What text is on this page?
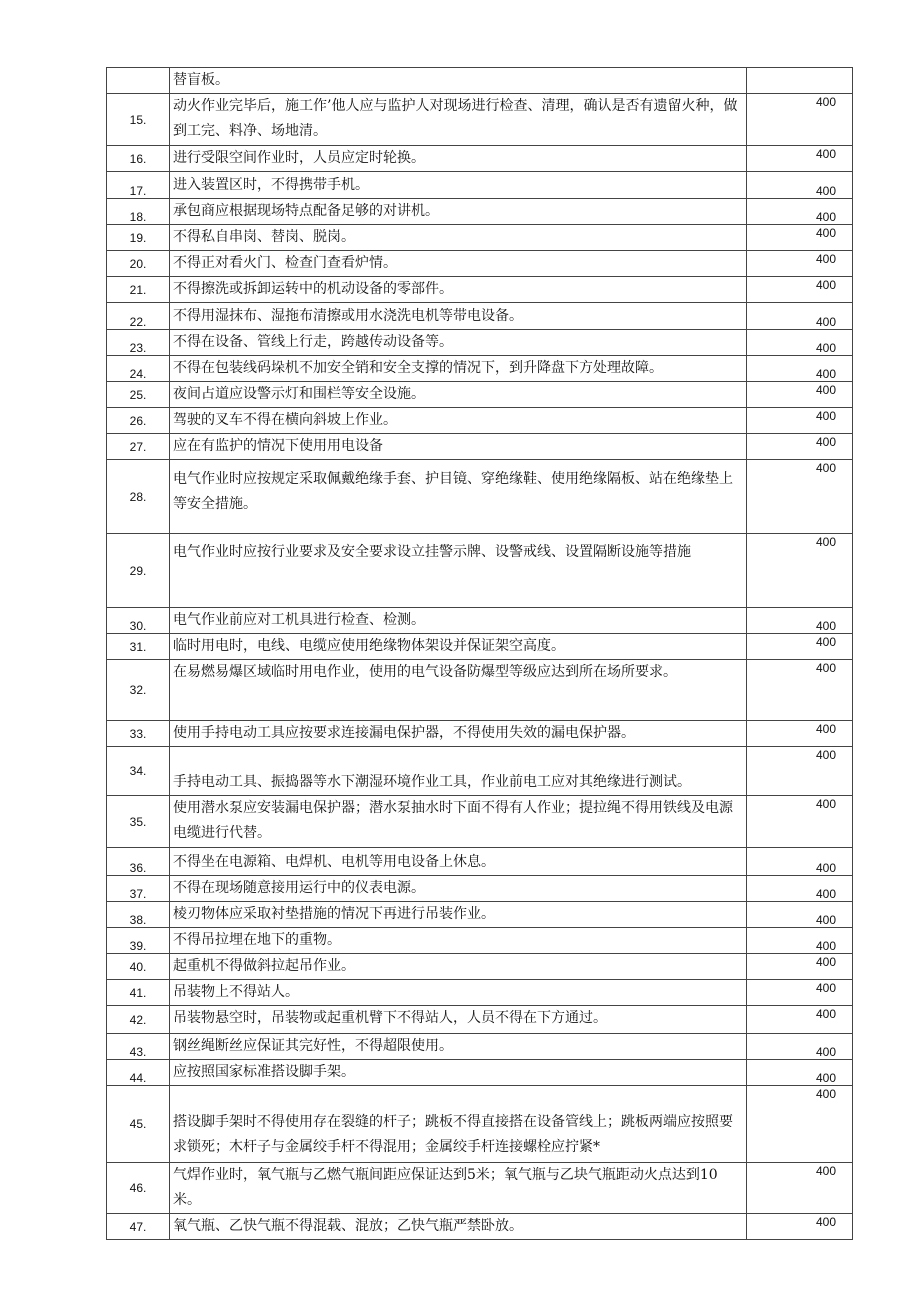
	替盲板。	
15.	动火作业完毕后，施工作’他人应与监护人对现场进行检查、清理，确认是否有遗留火种，做到工完、料净、场地清。	400
16.	进行受限空间作业时，人员应定时轮换。	400
17.	进入装置区时，不得携带手机。	400
18.	承包商应根据现场特点配备足够的对讲机。	400
19.	不得私自串岗、替岗、脱岗。	400
20.	不得正对看火门、检查门查看炉情。	400
21.	不得擦洗或拆卸运转中的机动设备的零部件。	400
22.	不得用湿抹布、湿拖布清擦或用水浇洗电机等带电设备。	400
23.	不得在设备、管线上行走，跨越传动设备等。	400
24.	不得在包装线码垛机不加安全销和安全支撑的情况下，到升降盘下方处理故障。	400
25.	夜间占道应设警示灯和围栏等安全设施。	400
26.	驾驶的叉车不得在横向斜坡上作业。	400
27.	应在有监护的情况下使用用电设备	400
28.	电气作业时应按规定采取佩戴绝缘手套、护目镜、穿绝缘鞋、使用绝缘隔板、站在绝缘垫上等安全措施。	400
29.	电气作业时应按行业要求及安全要求设立挂警示牌、设警戒线、设置隔断设施等措施	400
30.	电气作业前应对工机具进行检查、检测。	400
31.	临时用电时，电线、电缆应使用绝缘物体架设并保证架空高度。	400
32.	在易燃易爆区域临时用电作业，使用的电气设备防爆型等级应达到所在场所要求。	400
33.	使用手持电动工具应按要求连接漏电保护器，不得使用失效的漏电保护器。	400
34.	手持电动工具、振捣器等水下潮湿环境作业工具，作业前电工应对其绝缘进行测试。	400
35.	使用潜水泵应安装漏电保护器；潜水泵抽水时下面不得有人作业；提拉绳不得用铁线及电源电缆进行代替。	400
36.	不得坐在电源箱、电焊机、电机等用电设备上休息。	400
37.	不得在现场随意接用运行中的仪表电源。	400
38.	棱刃物体应采取衬垫措施的情况下再进行吊装作业。	400
39.	不得吊拉埋在地下的重物。	400
40.	起重机不得做斜拉起吊作业。	400
41.	吊装物上不得站人。	400
42.	吊装物悬空时，吊装物或起重机臂下不得站人，人员不得在下方通过。	400
43.	钢丝绳断丝应保证其完好性，不得超限使用。	400
44.	应按照国家标准搭设脚手架。	400
45.	搭设脚手架时不得使用存在裂缝的杆子；跳板不得直接搭在设备管线上；跳板两端应按照要求锁死；木杆子与金属绞手杆不得混用；金属绞手杆连接螺栓应拧紧*	400
46.	气焊作业时，氧气瓶与乙燃气瓶间距应保证达到5米；氧气瓶与乙块气瓶距动火点达到10米。	400
47.	氧气瓶、乙快气瓶不得混载、混放；乙快气瓶严禁卧放。	400
